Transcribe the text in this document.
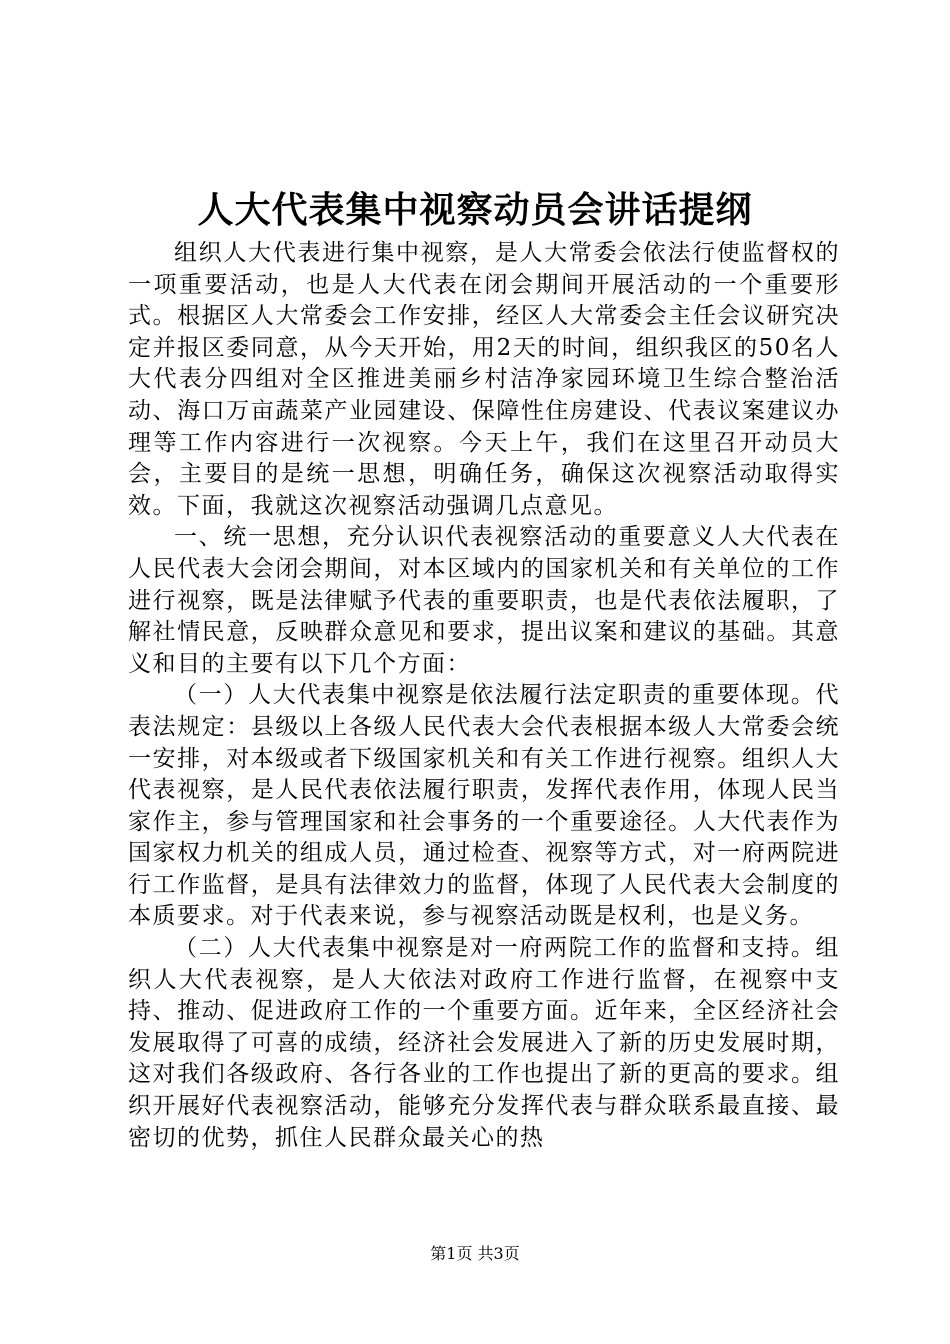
人大代表集中视察动员会讲话提纲

组织人大代表进行集中视察，是人大常委会依法行使监督权的一项重要活动，也是人大代表在闭会期间开展活动的一个重要形式。根据区人大常委会工作安排，经区人大常委会主任会议研究决定并报区委同意，从今天开始，用2天的时间，组织我区的50名人大代表分四组对全区推进美丽乡村洁净家园环境卫生综合整治活动、海口万亩蔬菜产业园建设、保障性住房建设、代表议案建议办理等工作内容进行一次视察。今天上午，我们在这里召开动员大会，主要目的是统一思想，明确任务，确保这次视察活动取得实效。下面，我就这次视察活动强调几点意见。

一、统一思想，充分认识代表视察活动的重要意义人大代表在人民代表大会闭会期间，对本区域内的国家机关和有关单位的工作进行视察，既是法律赋予代表的重要职责，也是代表依法履职，了解社情民意，反映群众意见和要求，提出议案和建议的基础。其意义和目的主要有以下几个方面：

（一）人大代表集中视察是依法履行法定职责的重要体现。代表法规定：县级以上各级人民代表大会代表根据本级人大常委会统一安排，对本级或者下级国家机关和有关工作进行视察。组织人大代表视察，是人民代表依法履行职责，发挥代表作用，体现人民当家作主，参与管理国家和社会事务的一个重要途径。人大代表作为国家权力机关的组成人员，通过检查、视察等方式，对一府两院进行工作监督，是具有法律效力的监督，体现了人民代表大会制度的本质要求。对于代表来说，参与视察活动既是权利，也是义务。

（二）人大代表集中视察是对一府两院工作的监督和支持。组织人大代表视察，是人大依法对政府工作进行监督，在视察中支持、推动、促进政府工作的一个重要方面。近年来，全区经济社会发展取得了可喜的成绩，经济社会发展进入了新的历史发展时期，这对我们各级政府、各行各业的工作也提出了新的更高的要求。组织开展好代表视察活动，能够充分发挥代表与群众联系最直接、最密切的优势，抓住人民群众最关心的热

第1页 共3页
